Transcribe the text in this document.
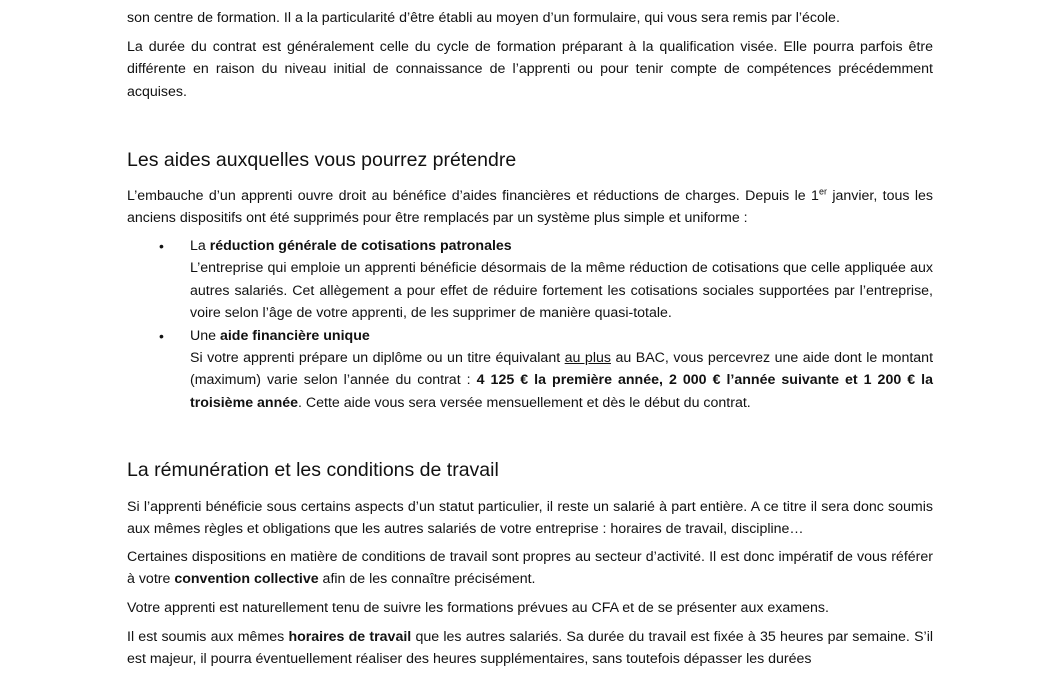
son centre de formation. Il a la particularité d’être établi au moyen d’un formulaire, qui vous sera remis par l’école.

La durée du contrat est généralement celle du cycle de formation préparant à la qualification visée. Elle pourra parfois être différente en raison du niveau initial de connaissance de l’apprenti ou pour tenir compte de compétences précédemment acquises.

Les aides auxquelles vous pourrez prétendre

L’embauche d’un apprenti ouvre droit au bénéfice d’aides financières et réductions de charges. Depuis le 1er janvier, tous les anciens dispositifs ont été supprimés pour être remplacés par un système plus simple et uniforme :

• La réduction générale de cotisations patronales
L’entreprise qui emploie un apprenti bénéficie désormais de la même réduction de cotisations que celle appliquée aux autres salariés. Cet allègement a pour effet de réduire fortement les cotisations sociales supportées par l’entreprise, voire selon l’âge de votre apprenti, de les supprimer de manière quasi-totale.
• Une aide financière unique
Si votre apprenti prépare un diplôme ou un titre équivalant au plus au BAC, vous percevrez une aide dont le montant (maximum) varie selon l’année du contrat : 4 125 € la première année, 2 000 € l’année suivante et 1 200 € la troisième année. Cette aide vous sera versée mensuellement et dès le début du contrat.
La rémunération et les conditions de travail

Si l’apprenti bénéficie sous certains aspects d’un statut particulier, il reste un salarié à part entière. A ce titre il sera donc soumis aux mêmes règles et obligations que les autres salariés de votre entreprise : horaires de travail, discipline…

Certaines dispositions en matière de conditions de travail sont propres au secteur d’activité. Il est donc impératif de vous référer à votre convention collective afin de les connaître précisément.

Votre apprenti est naturellement tenu de suivre les formations prévues au CFA et de se présenter aux examens.

Il est soumis aux mêmes horaires de travail que les autres salariés. Sa durée du travail est fixée à 35 heures par semaine. S’il est majeur, il pourra éventuellement réaliser des heures supplémentaires, sans toutefois dépasser les durées
